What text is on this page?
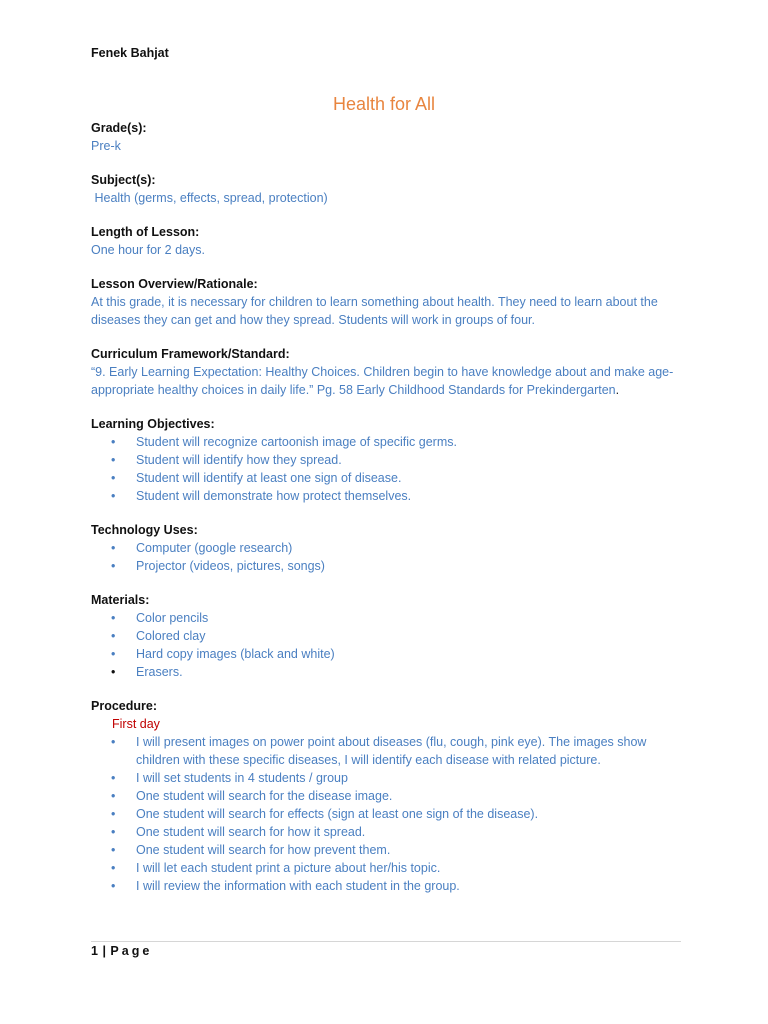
Fenek Bahjat
Health for All
Grade(s):
Pre-k
Subject(s):
Health (germs, effects, spread, protection)
Length of Lesson:
One hour for 2 days.
Lesson Overview/Rationale:
At this grade, it is necessary for children to learn something about health. They need to learn about the diseases they can get and how they spread. Students will work in groups of four.
Curriculum Framework/Standard:
“9. Early Learning Expectation: Healthy Choices. Children begin to have knowledge about and make age-appropriate healthy choices in daily life.” Pg. 58 Early Childhood Standards for Prekindergarten.
Learning Objectives:
• Student will recognize cartoonish image of specific germs.
• Student will identify how they spread.
• Student will identify at least one sign of disease.
• Student will demonstrate how protect themselves.
Technology Uses:
• Computer (google research)
• Projector (videos, pictures, songs)
Materials:
• Color pencils
• Colored clay
• Hard copy images (black and white)
• Erasers.
Procedure:
First day
• I will present images on power point about diseases (flu, cough, pink eye). The images show children with these specific diseases, I will identify each disease with related picture.
• I will set students in 4 students / group
• One student will search for the disease image.
• One student will search for effects (sign at least one sign of the disease).
• One student will search for how it spread.
• One student will search for how prevent them.
• I will let each student print a picture about her/his topic.
• I will review the information with each student in the group.
1 | Page
